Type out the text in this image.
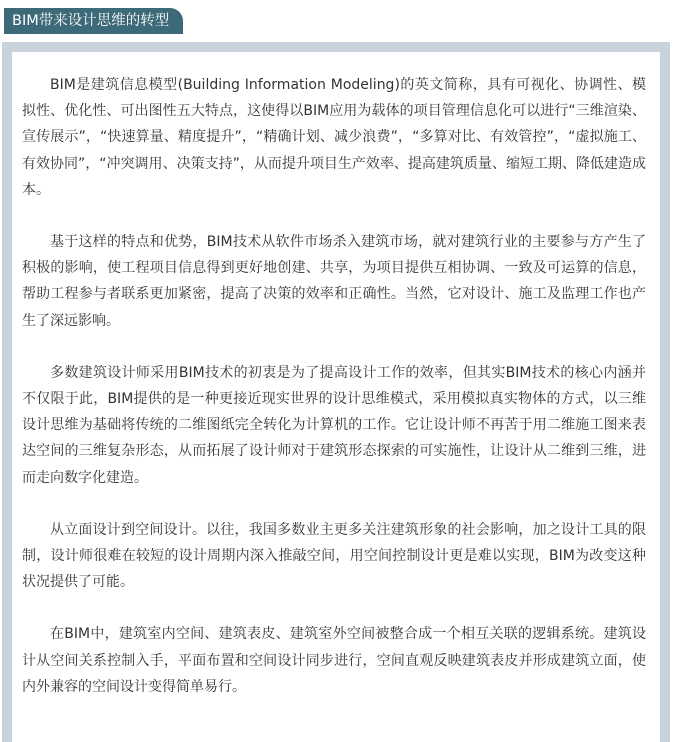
BIM带来设计思维的转型

BIM是建筑信息模型(Building Information Modeling)的英文简称，具有可视化、协调性、模拟性、优化性、可出图性五大特点，这使得以BIM应用为载体的项目管理信息化可以进行“三维渲染、宣传展示”，“快速算量、精度提升”，“精确计划、减少浪费”，“多算对比、有效管控”，“虚拟施工、有效协同”，“冲突调用、决策支持”，从而提升项目生产效率、提高建筑质量、缩短工期、降低建造成本。

基于这样的特点和优势，BIM技术从软件市场杀入建筑市场，就对建筑行业的主要参与方产生了积极的影响，使工程项目信息得到更好地创建、共享，为项目提供互相协调、一致及可运算的信息，帮助工程参与者联系更加紧密，提高了决策的效率和正确性。当然，它对设计、施工及监理工作也产生了深远影响。

多数建筑设计师采用BIM技术的初衷是为了提高设计工作的效率，但其实BIM技术的核心内涵并不仅限于此，BIM提供的是一种更接近现实世界的设计思维模式，采用模拟真实物体的方式，以三维设计思维为基础将传统的二维图纸完全转化为计算机的工作。它让设计师不再苦于用二维施工图来表达空间的三维复杂形态，从而拓展了设计师对于建筑形态探索的可实施性，让设计从二维到三维，进而走向数字化建造。

从立面设计到空间设计。以往，我国多数业主更多关注建筑形象的社会影响，加之设计工具的限制，设计师很难在较短的设计周期内深入推敲空间，用空间控制设计更是难以实现，BIM为改变这种状况提供了可能。

在BIM中，建筑室内空间、建筑表皮、建筑室外空间被整合成一个相互关联的逻辑系统。建筑设计从空间关系控制入手，平面布置和空间设计同步进行，空间直观反映建筑表皮并形成建筑立面，使内外兼容的空间设计变得简单易行。
